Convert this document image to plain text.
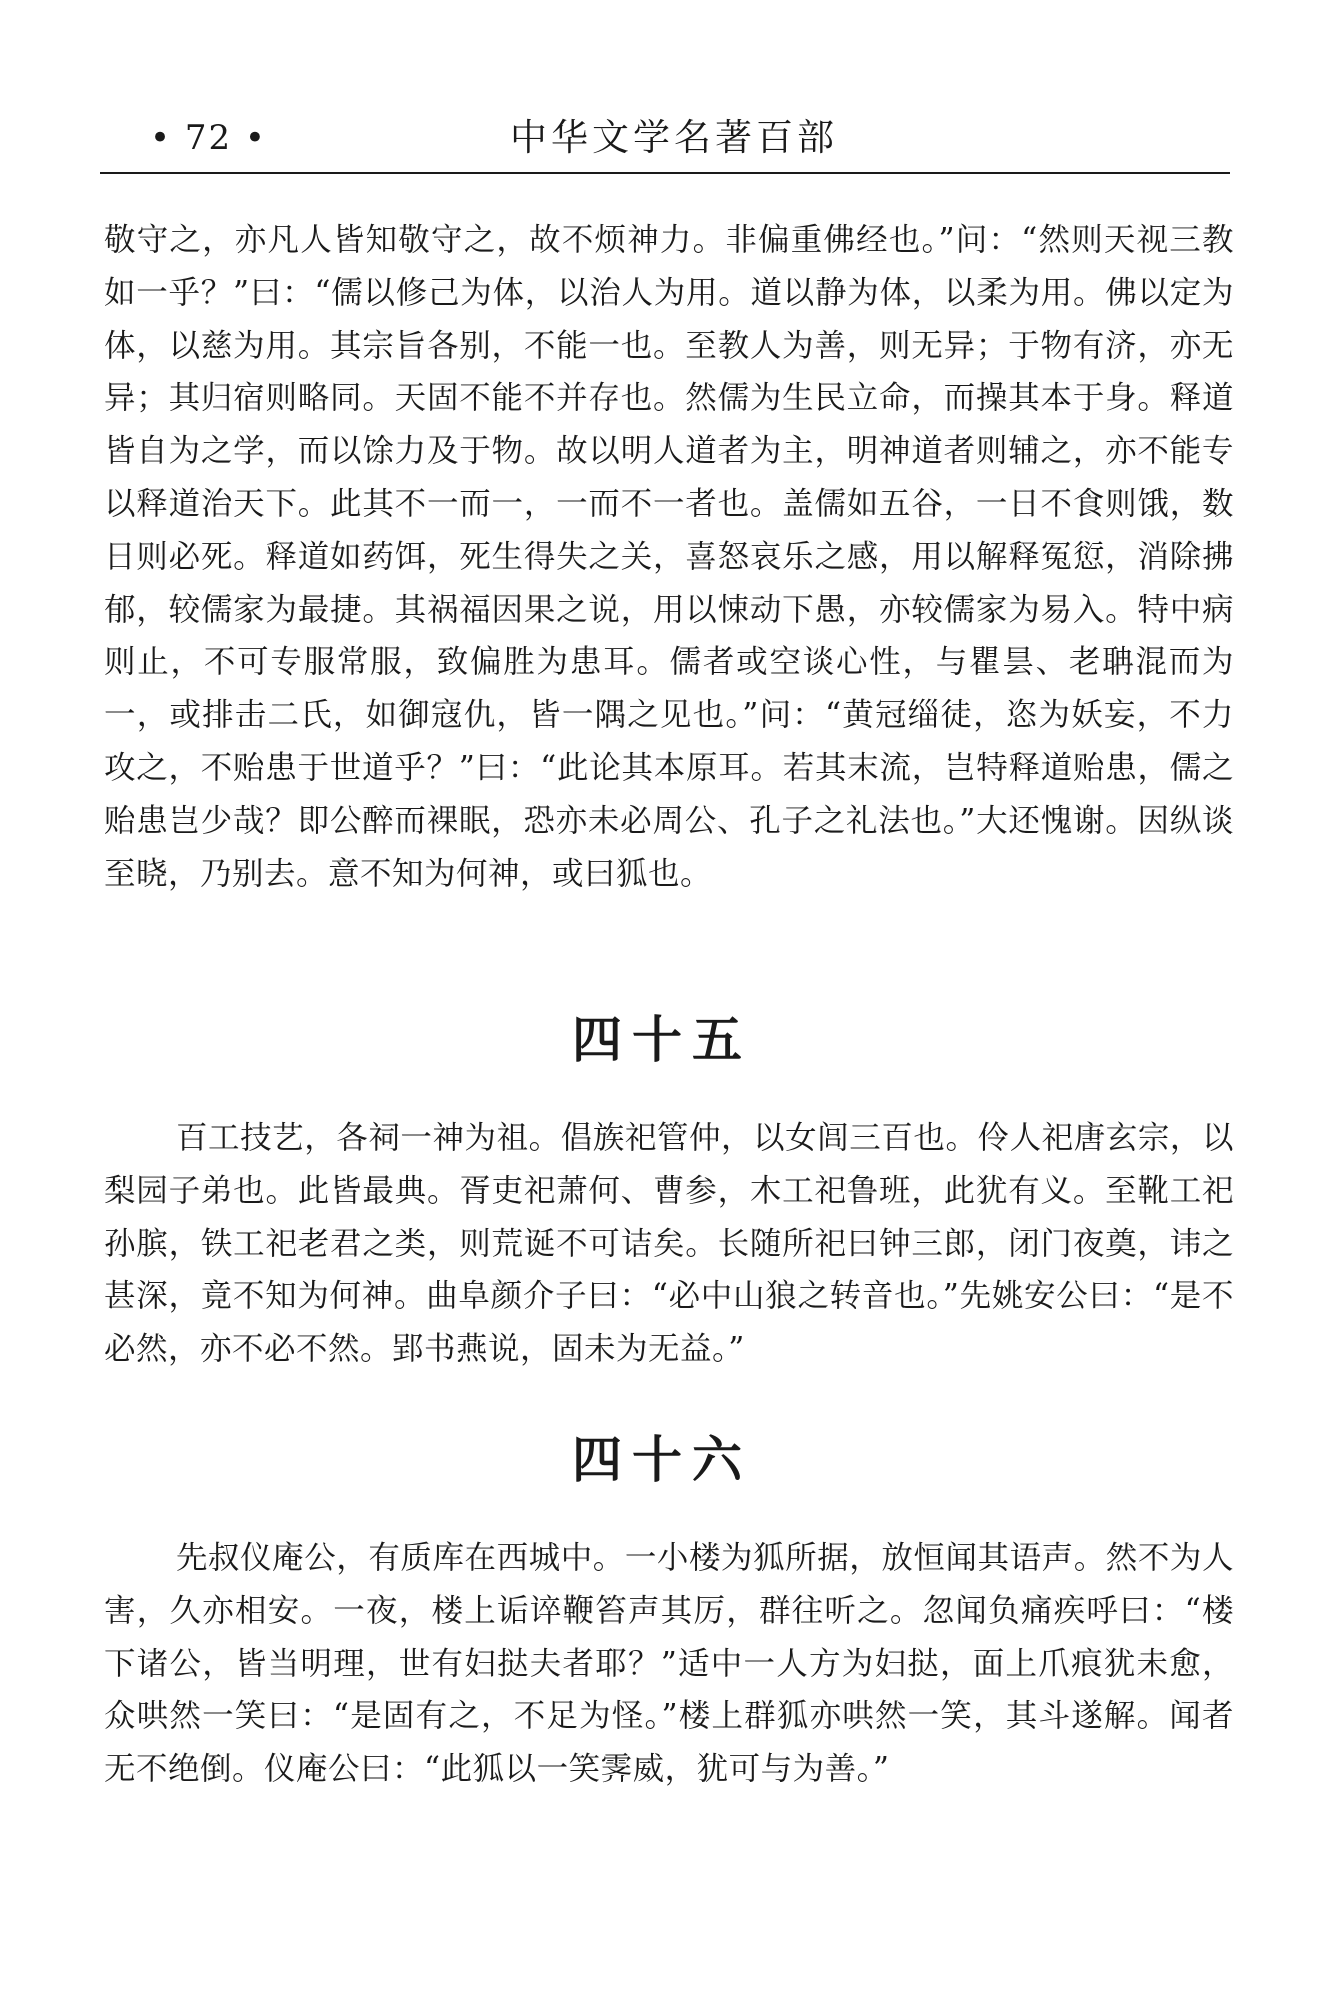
• 72 •	中华文学名著百部

敬守之，亦凡人皆知敬守之，故不烦神力。非偏重佛经也。”问：“然则天视三教如一乎？”曰：“儒以修己为体，以治人为用。道以静为体，以柔为用。佛以定为体，以慈为用。其宗旨各别，不能一也。至教人为善，则无异；于物有济，亦无异；其归宿则略同。天固不能不并存也。然儒为生民立命，而操其本于身。释道皆自为之学，而以馀力及于物。故以明人道者为主，明神道者则辅之，亦不能专以释道治天下。此其不一而一，一而不一者也。盖儒如五谷，一日不食则饿，数日则必死。释道如药饵，死生得失之关，喜怒哀乐之感，用以解释冤愆，消除拂郁，较儒家为最捷。其祸福因果之说，用以悚动下愚，亦较儒家为易入。特中病则止，不可专服常服，致偏胜为患耳。儒者或空谈心性，与瞿昙、老聃混而为一，或排击二氏，如御寇仇，皆一隅之见也。”问：“黄冠缁徒，恣为妖妄，不力攻之，不贻患于世道乎？”曰：“此论其本原耳。若其末流，岂特释道贻患，儒之贻患岂少哉？即公醉而裸眠，恐亦未必周公、孔子之礼法也。”大还愧谢。因纵谈至晓，乃别去。意不知为何神，或曰狐也。

四十五

百工技艺，各祠一神为祖。倡族祀管仲，以女闾三百也。伶人祀唐玄宗，以梨园子弟也。此皆最典。胥吏祀萧何、曹参，木工祀鲁班，此犹有义。至靴工祀孙膑，铁工祀老君之类，则荒诞不可诘矣。长随所祀曰钟三郎，闭门夜奠，讳之甚深，竟不知为何神。曲阜颜介子曰：“必中山狼之转音也。”先姚安公曰：“是不必然，亦不必不然。郢书燕说，固未为无益。”

四十六

先叔仪庵公，有质库在西城中。一小楼为狐所据，放恒闻其语声。然不为人害，久亦相安。一夜，楼上诟谇鞭笞声其厉，群往听之。忽闻负痛疾呼曰：“楼下诸公，皆当明理，世有妇挞夫者耶？”适中一人方为妇挞，面上爪痕犹未愈，众哄然一笑曰：“是固有之，不足为怪。”楼上群狐亦哄然一笑，其斗遂解。闻者无不绝倒。仪庵公曰：“此狐以一笑霁威，犹可与为善。”
